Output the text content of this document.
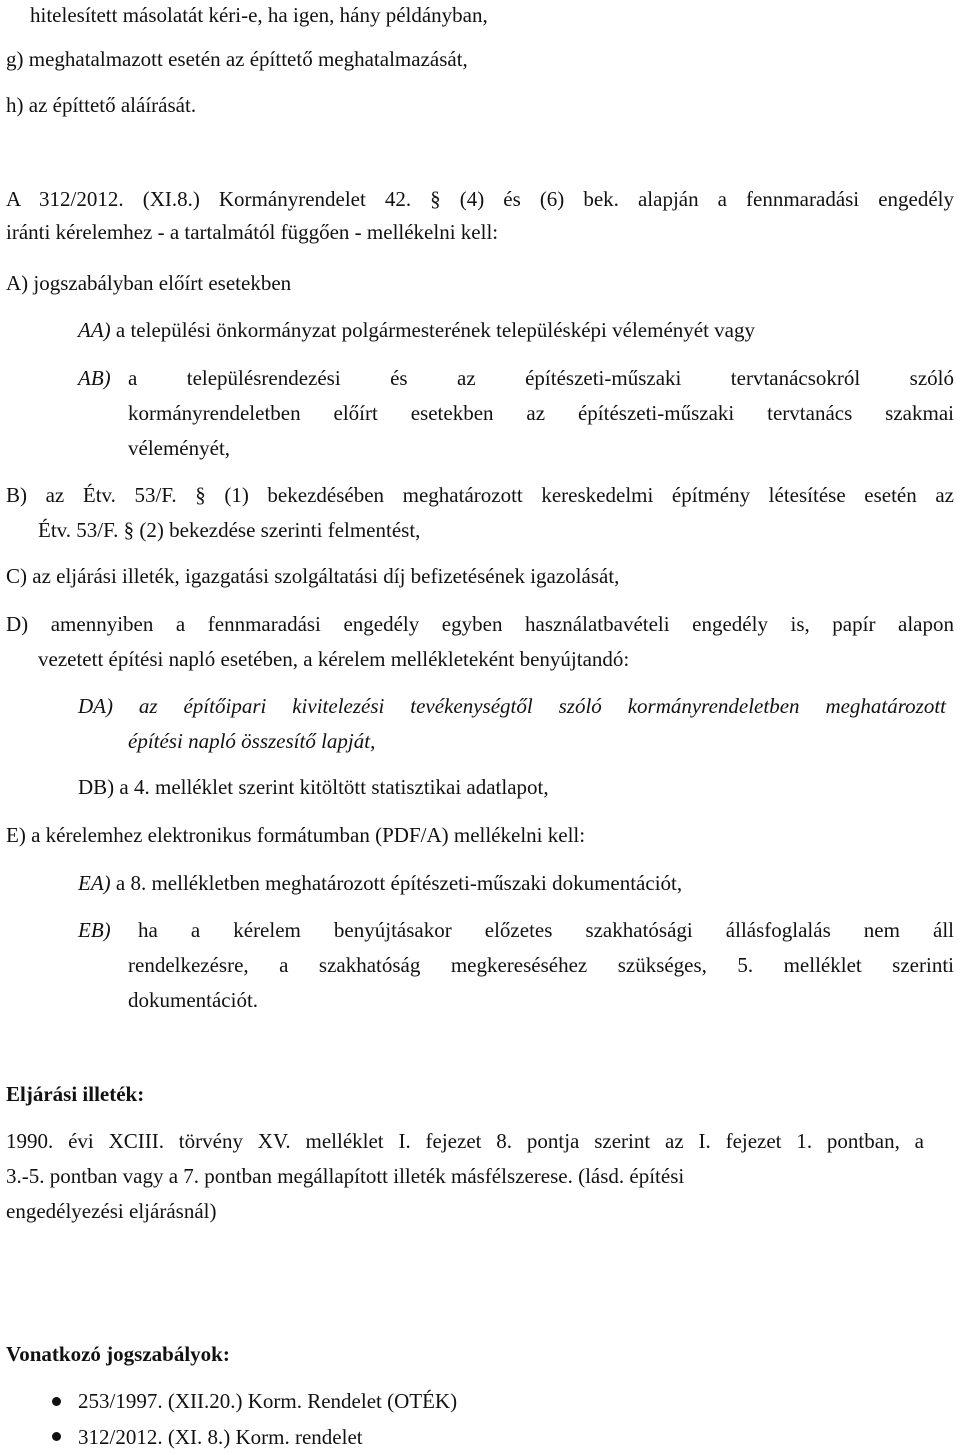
hitelesített másolatát kéri-e, ha igen, hány példányban,

g) meghatalmazott esetén az építtető meghatalmazását,

h) az építtető aláírását.

A 312/2012. (XI.8.) Kormányrendelet 42. § (4) és (6) bek. alapján a fennmaradási engedély

iránti kérelemhez - a tartalmától függően - mellékelni kell:

A) jogszabályban előírt esetekben

AA) a települési önkormányzat polgármesterének településképi véleményét vagy

AB) a településrendezési és az építészeti-műszaki tervtanácsokról szóló

kormányrendeletben előírt esetekben az építészeti-műszaki tervtanács szakmai

véleményét,

B) az Étv. 53/F. § (1) bekezdésében meghatározott kereskedelmi építmény létesítése esetén az

Étv. 53/F. § (2) bekezdése szerinti felmentést,

C) az eljárási illeték, igazgatási szolgáltatási díj befizetésének igazolását,

D) amennyiben a fennmaradási engedély egyben használatbavételi engedély is, papír alapon

vezetett építési napló esetében, a kérelem mellékleteként benyújtandó:

DA) az építőipari kivitelezési tevékenységtől szóló kormányrendeletben meghatározott

építési napló összesítő lapját,

DB) a 4. melléklet szerint kitöltött statisztikai adatlapot,

E) a kérelemhez elektronikus formátumban (PDF/A) mellékelni kell:

EA) a 8. mellékletben meghatározott építészeti-műszaki dokumentációt,

EB) ha a kérelem benyújtásakor előzetes szakhatósági állásfoglalás nem áll

rendelkezésre, a szakhatóság megkereséséhez szükséges, 5. melléklet szerinti

dokumentációt.

Eljárási illeték:

1990. évi XCIII. törvény XV. melléklet I. fejezet 8. pontja szerint az I. fejezet 1. pontban, a

3.-5. pontban vagy a 7. pontban megállapított illeték másfélszerese. (lásd. építési

engedélyezési eljárásnál)

Vonatkozó jogszabályok:

253/1997. (XII.20.) Korm. Rendelet (OTÉK)

312/2012. (XI. 8.) Korm. rendelet
